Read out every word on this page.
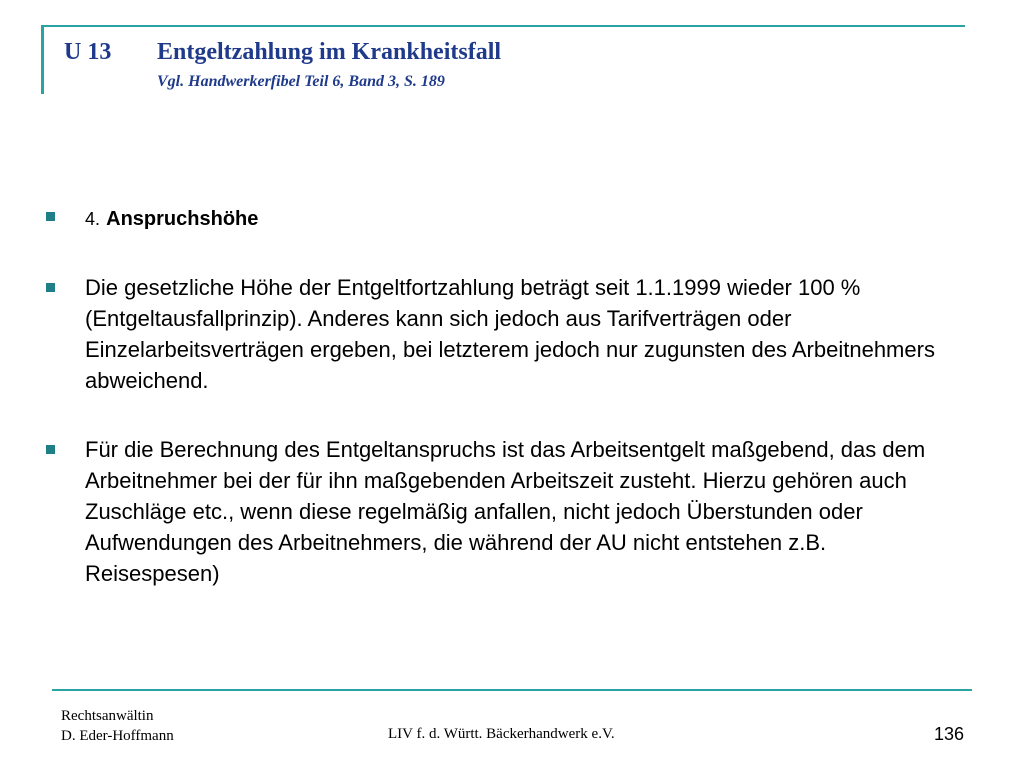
U 13 Entgeltzahlung im Krankheitsfall
Vgl. Handwerkerfibel Teil 6, Band 3, S. 189
4. Anspruchshöhe
Die gesetzliche Höhe der Entgeltfortzahlung beträgt seit 1.1.1999 wieder 100 % (Entgeltausfallprinzip). Anderes kann sich jedoch aus Tarifverträgen oder Einzelarbeitsverträgen ergeben, bei letzterem jedoch nur zugunsten des Arbeitnehmers abweichend.
Für die Berechnung des Entgeltanspruchs ist das Arbeitsentgelt maßgebend, das dem Arbeitnehmer bei der für ihn maßgebenden Arbeitszeit zusteht. Hierzu gehören auch Zuschläge etc., wenn diese regelmäßig anfallen, nicht jedoch Überstunden oder Aufwendungen des Arbeitnehmers, die während der AU nicht entstehen z.B. Reisespesen)
Rechtsanwältin
D. Eder-Hoffmann	LIV f. d. Württ. Bäckerhandwerk e.V.	136
